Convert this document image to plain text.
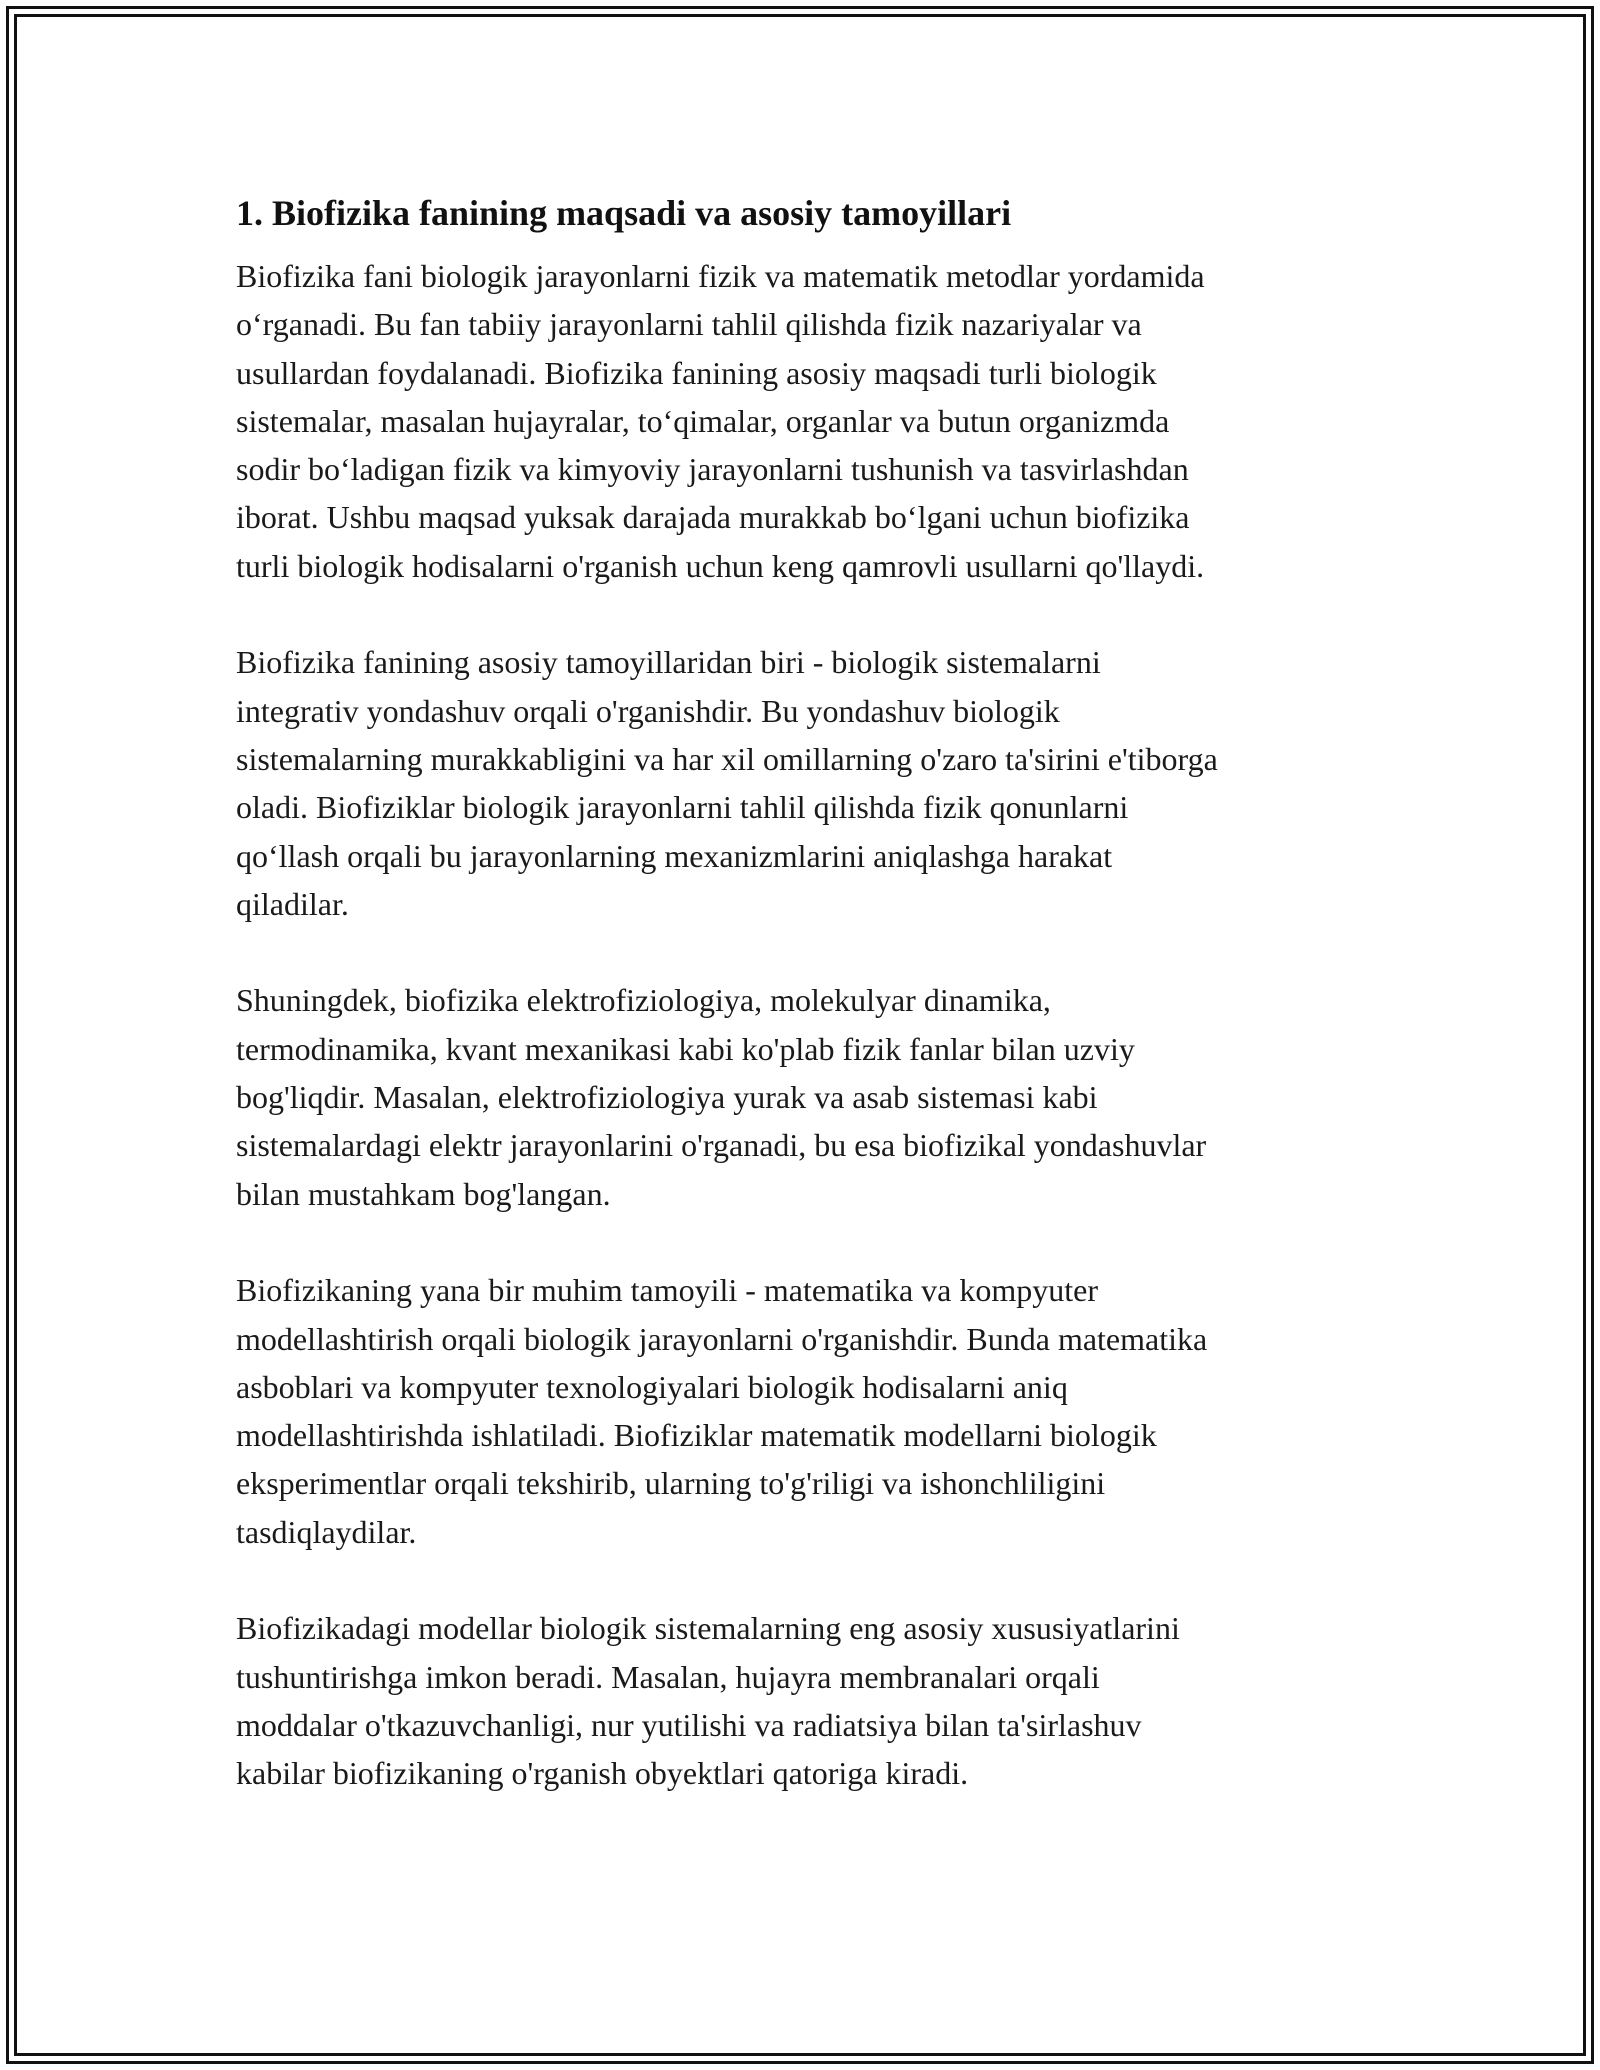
1. Biofizika fanining maqsadi va asosiy tamoyillari

Biofizika fani biologik jarayonlarni fizik va matematik metodlar yordamida
o‘rganadi. Bu fan tabiiy jarayonlarni tahlil qilishda fizik nazariyalar va
usullardan foydalanadi. Biofizika fanining asosiy maqsadi turli biologik
sistemalar, masalan hujayralar, to‘qimalar, organlar va butun organizmda
sodir bo‘ladigan fizik va kimyoviy jarayonlarni tushunish va tasvirlashdan
iborat. Ushbu maqsad yuksak darajada murakkab bo‘lgani uchun biofizika
turli biologik hodisalarni o'rganish uchun keng qamrovli usullarni qo'llaydi.

Biofizika fanining asosiy tamoyillaridan biri - biologik sistemalarni
integrativ yondashuv orqali o'rganishdir. Bu yondashuv biologik
sistemalarning murakkabligini va har xil omillarning o'zaro ta'sirini e'tiborga
oladi. Biofiziklar biologik jarayonlarni tahlil qilishda fizik qonunlarni
qo‘llash orqali bu jarayonlarning mexanizmlarini aniqlashga harakat
qiladilar.

Shuningdek, biofizika elektrofiziologiya, molekulyar dinamika,
termodinamika, kvant mexanikasi kabi ko'plab fizik fanlar bilan uzviy
bog'liqdir. Masalan, elektrofiziologiya yurak va asab sistemasi kabi
sistemalardagi elektr jarayonlarini o'rganadi, bu esa biofizikal yondashuvlar
bilan mustahkam bog'langan.

Biofizikaning yana bir muhim tamoyili - matematika va kompyuter
modellashtirish orqali biologik jarayonlarni o'rganishdir. Bunda matematika
asboblari va kompyuter texnologiyalari biologik hodisalarni aniq
modellashtirishda ishlatiladi. Biofiziklar matematik modellarni biologik
eksperimentlar orqali tekshirib, ularning to'g'riligi va ishonchliligini
tasdiqlaydilar.

Biofizikadagi modellar biologik sistemalarning eng asosiy xususiyatlarini
tushuntirishga imkon beradi. Masalan, hujayra membranalari orqali
moddalar o'tkazuvchanligi, nur yutilishi va radiatsiya bilan ta'sirlashuv
kabilar biofizikaning o'rganish obyektlari qatoriga kiradi.
